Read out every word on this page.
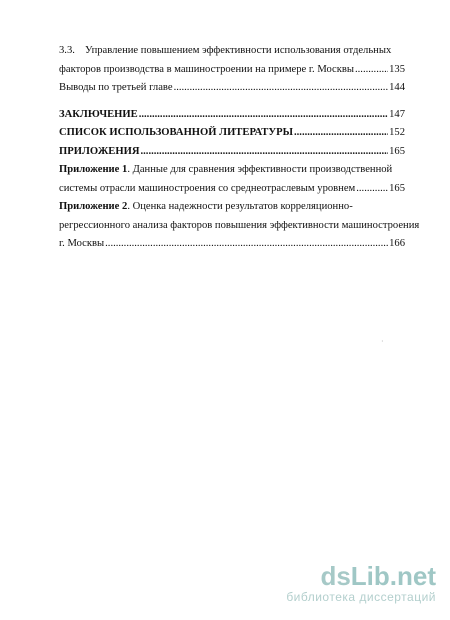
3.3. Управление повышением эффективности использования отдельных
факторов производства в машиностроении на примере г. Москвы .....	135
Выводы по третьей главе .....	144
ЗАКЛЮЧЕНИЕ .....	147
СПИСОК ИСПОЛЬЗОВАННОЙ ЛИТЕРАТУРЫ .....	152
ПРИЛОЖЕНИЯ .....	165
Приложение 1. Данные для сравнения эффективности производственной
системы отрасли машиностроения со среднеотраслевым уровнем .....	165
Приложение 2. Оценка надежности результатов корреляционно-
регрессионного анализа факторов повышения эффективности машиностроения
г. Москвы .....	166
·
dsLib.net
библиотека диссертаций
